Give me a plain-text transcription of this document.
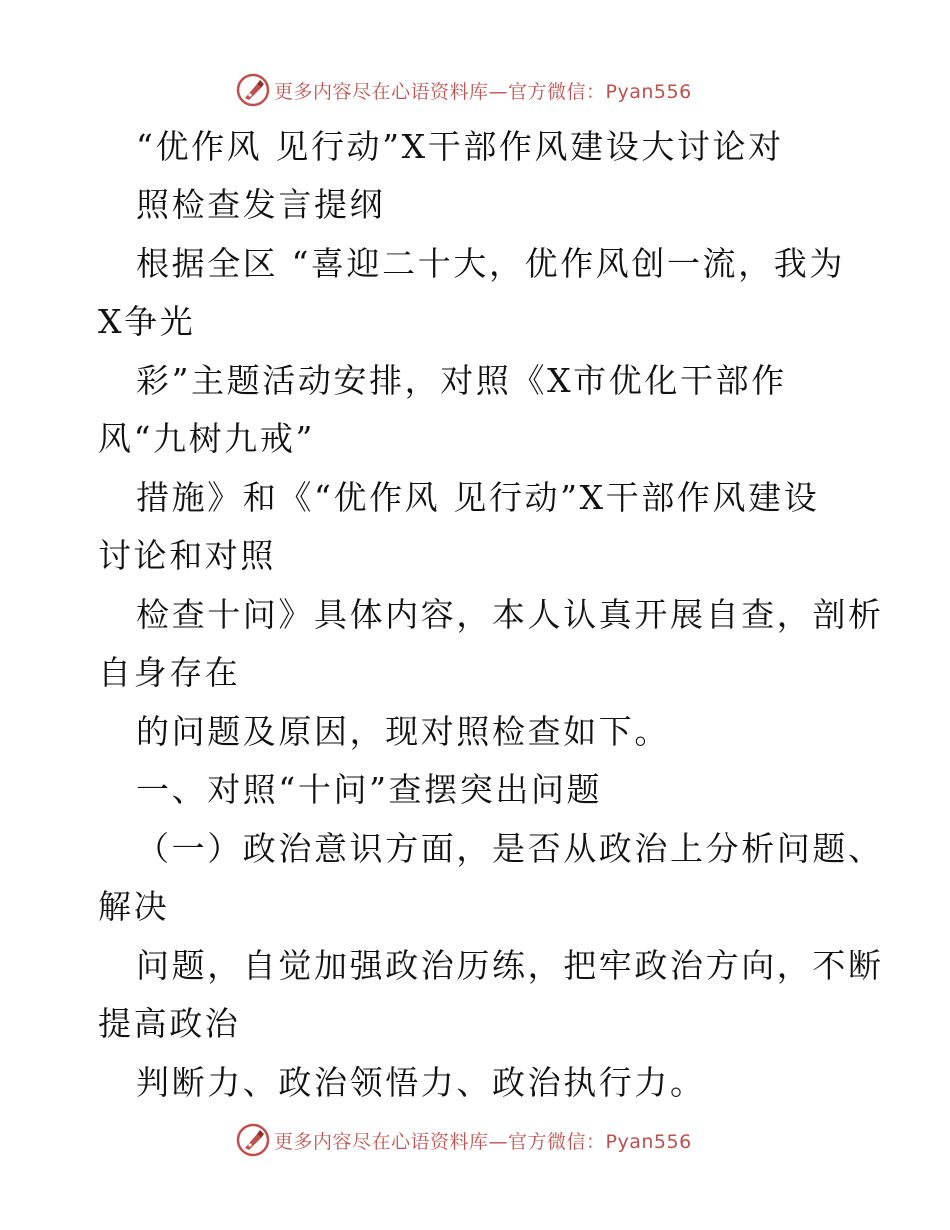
更多内容尽在心语资料库—官方微信：Pyan556
“优作风 见行动”X干部作风建设大讨论对
照检查发言提纲
根据全区 “喜迎二十大，优作风创一流，我为
X争光
彩”主题活动安排，对照《X市优化干部作
风“九树九戒”
措施》和《“优作风 见行动”X干部作风建设
讨论和对照
检查十问》具体内容，本人认真开展自查，剖析
自身存在
的问题及原因，现对照检查如下。
一、对照“十问”查摆突出问题
（一）政治意识方面，是否从政治上分析问题、
解决
问题，自觉加强政治历练，把牢政治方向，不断
提高政治
判断力、政治领悟力、政治执行力。
更多内容尽在心语资料库—官方微信：Pyan556
